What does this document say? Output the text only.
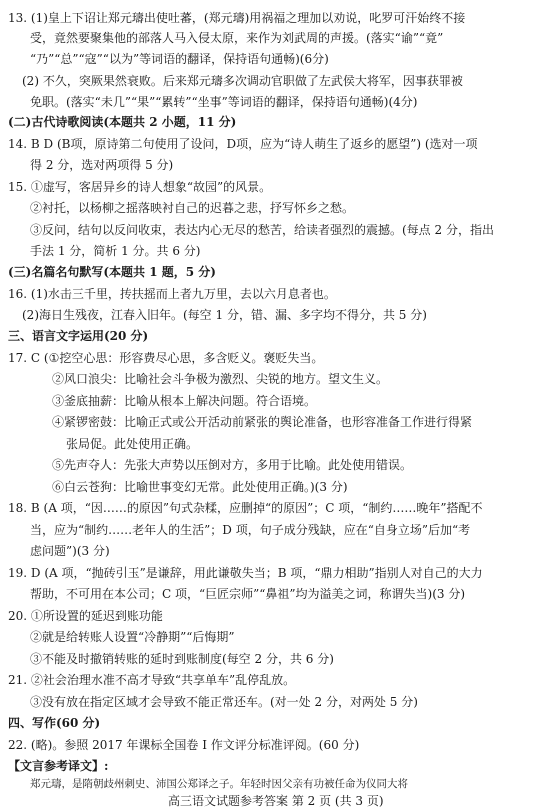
13. (1)皇上下诏让郑元璹出使吐蕃，(郑元璹)用祸福之理加以劝说，叱罗可汗始终不接
受，竟然要聚集他的部落人马入侵太原，来作为刘武周的声援。(落实“谕”“竟”
“乃”“总”“寇”“以为”等词语的翻译，保持语句通畅)(6分)
(2) 不久，突厥果然衰败。后来郑元璹多次调动官职做了左武侯大将军，因事获罪被
免职。(落实“未几”“果”“累转”“坐事”等词语的翻译，保持语句通畅)(4分)
(二)古代诗歌阅读(本题共 2 小题，11 分)
14. B D (B项，原诗第二句使用了设问，D项，应为“诗人萌生了返乡的愿望”) (选对一项
得 2 分，选对两项得 5 分)
15. ①虚写，客居异乡的诗人想象“故园”的风景。
②衬托，以杨柳之摇落映衬自己的迟暮之悲，抒写怀乡之愁。
③反问，结句以反问收束，表达内心无尽的愁苦，给读者强烈的震撼。(每点 2 分，指出
手法 1 分，简析 1 分。共 6 分)
(三)名篇名句默写(本题共 1 题，5 分)
16. (1)水击三千里，抟扶摇而上者九万里，去以六月息者也。
(2)海日生残夜，江春入旧年。(每空 1 分，错、漏、多字均不得分，共 5 分)
三、语言文字运用(20 分)
17. C (①挖空心思：形容费尽心思，多含贬义。褒贬失当。
②风口浪尖：比喻社会斗争极为激烈、尖锐的地方。望文生义。
③釜底抽薪：比喻从根本上解决问题。符合语境。
④紧锣密鼓：比喻正式或公开活动前紧张的舆论准备，也形容准备工作进行得紧
张局促。此处使用正确。
⑤先声夺人：先张大声势以压倒对方，多用于比喻。此处使用错误。
⑥白云苍狗：比喻世事变幻无常。此处使用正确。)(3 分)
18. B (A 项，“因……的原因”句式杂糅，应删掉“的原因”；C 项，“制约……晚年”搭配不
当，应为“制约……老年人的生活”；D 项，句子成分残缺，应在“自身立场”后加“考
虑问题”)(3 分)
19. D (A 项，“抛砖引玉”是谦辞，用此谦敬失当；B 项，“鼎力相助”指别人对自己的大力
帮助，不可用在本公司；C 项，“巨匠宗师”“鼻祖”均为溢美之词，称谓失当)(3 分)
20. ①所设置的延迟到账功能
②就是给转账人设置“冷静期”“后悔期”
③不能及时撤销转账的延时到账制度(每空 2 分，共 6 分)
21. ②社会治理水准不高才导致“共享单车”乱停乱放。
③没有放在指定区域才会导致不能正常还车。(对一处 2 分，对两处 5 分)
四、写作(60 分)
22. (略)。参照 2017 年课标全国卷 I 作文评分标准评阅。(60 分)
【文言参考译文】:
郑元璹，是隋朝歧州刺史、沛国公郑译之子。年轻时因父亲有功被任命为仪同大将
高三语文试题参考答案 第 2 页 (共 3 页)
